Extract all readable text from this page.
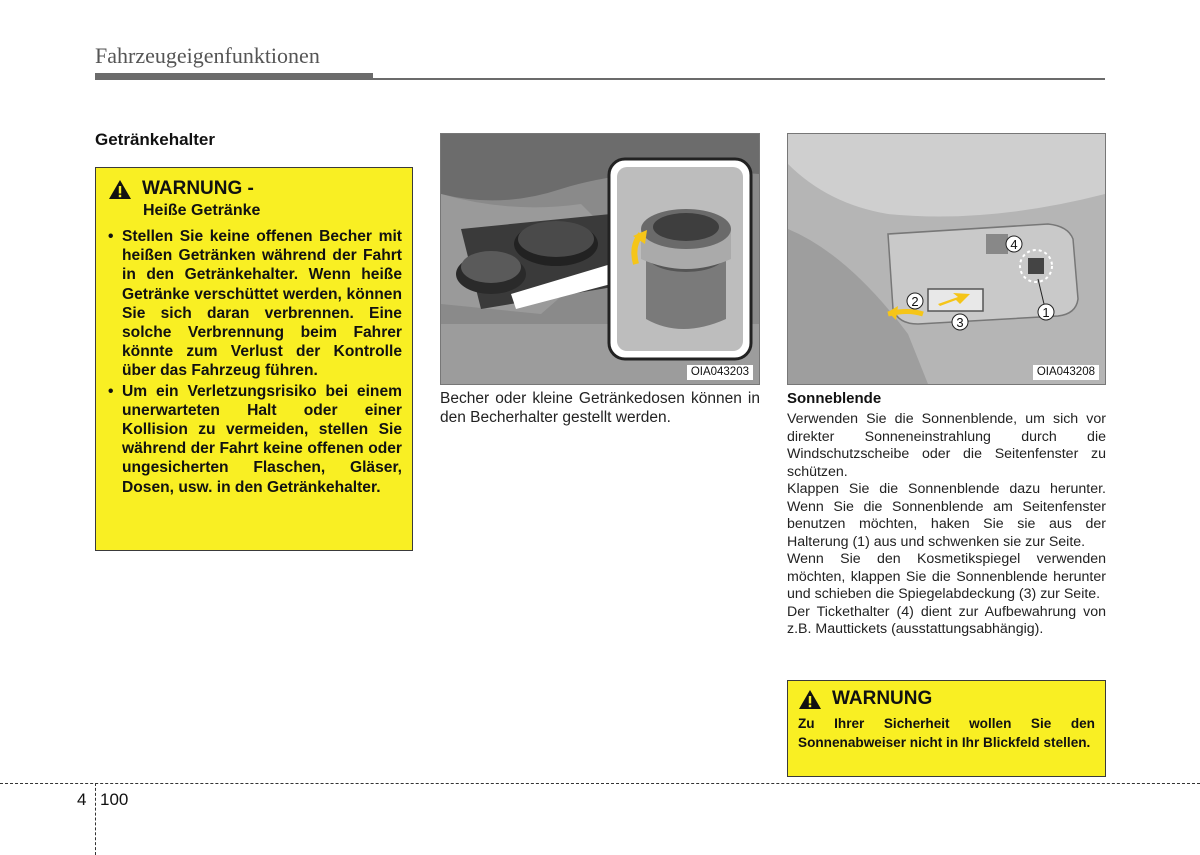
Fahrzeugeigenfunktionen
Getränkehalter
WARNUNG -
Heiße Getränke
• Stellen Sie keine offenen Becher mit heißen Getränken während der Fahrt in den Getränkehalter. Wenn heiße Getränke verschüttet werden, können Sie sich daran verbrennen. Eine solche Verbrennung beim Fahrer könnte zum Verlust der Kontrolle über das Fahrzeug führen.
• Um ein Verletzungsrisiko bei einem unerwarteten Halt oder einer Kollision zu vermeiden, stellen Sie während der Fahrt keine offenen oder ungesicherten Flaschen, Gläser, Dosen, usw. in den Getränkehalter.
OIA043203
Becher oder kleine Getränkedosen können in den Becherhalter gestellt werden.
2
3
4
1
OIA043208
Sonneblende

Verwenden Sie die Sonnenblende, um sich vor direkter Sonneneinstrahlung durch die Windschutzscheibe oder die Seitenfenster zu schützen.

Klappen Sie die Sonnenblende dazu herunter. Wenn Sie die Sonnenblende am Seitenfenster benutzen möchten, haken Sie sie aus der Halterung (1) aus und schwenken sie zur Seite.

Wenn Sie den Kosmetikspiegel verwenden möchten, klappen Sie die Sonnenblende herunter und schieben die Spiegelabdeckung (3) zur Seite.

Der Tickethalter (4) dient zur Aufbewahrung von z.B. Mauttickets (ausstattungsabhängig).

WARNUNG
Zu Ihrer Sicherheit wollen Sie den Sonnenabweiser nicht in Ihr Blickfeld stellen.
4 100
